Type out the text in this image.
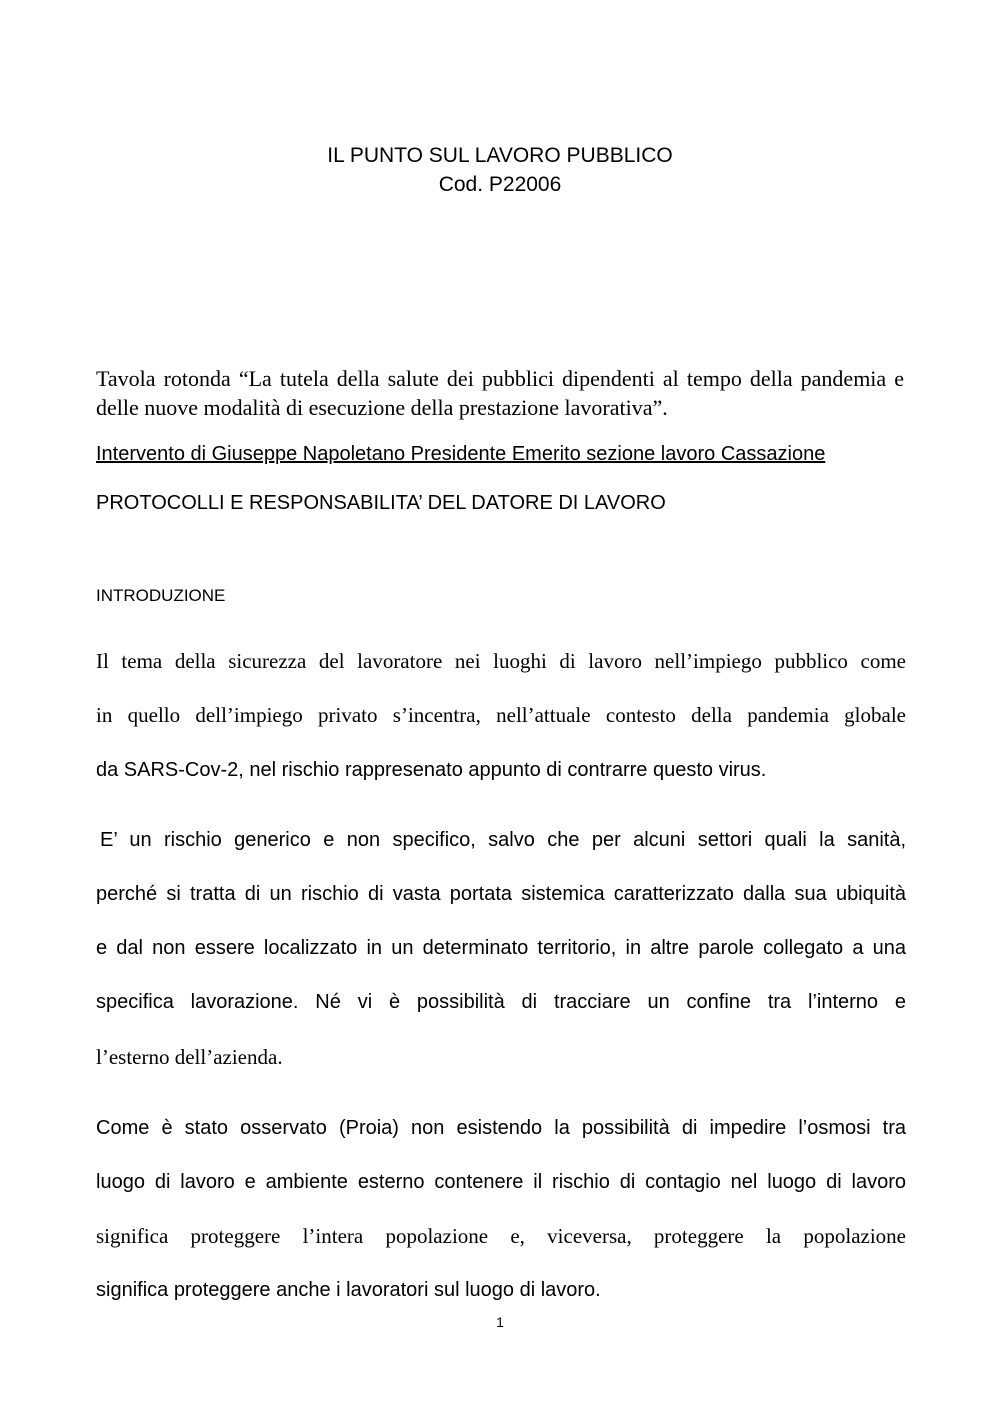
IL PUNTO SUL LAVORO PUBBLICO
Cod. P22006
Tavola rotonda “La tutela della salute dei pubblici dipendenti al tempo della pandemia e delle nuove modalità di esecuzione della prestazione lavorativa”.
Intervento di Giuseppe Napoletano Presidente Emerito sezione lavoro Cassazione
PROTOCOLLI E RESPONSABILITA’ DEL DATORE DI LAVORO
INTRODUZIONE
Il tema della sicurezza del lavoratore nei luoghi di lavoro nell’impiego pubblico come
in quello dell’impiego privato s’incentra, nell’attuale contesto della pandemia globale
da SARS-Cov-2, nel rischio rappresenato appunto di contrarre questo virus.
E’ un rischio generico e non specifico, salvo che per alcuni settori quali la sanità,
perché si tratta di un rischio di vasta portata sistemica caratterizzato dalla sua ubiquità
e dal non essere localizzato in un determinato territorio, in altre parole collegato a una
specifica lavorazione. Né vi è possibilità di tracciare un confine tra l’interno e
l’esterno dell’azienda.
Come è stato osservato (Proia) non esistendo la possibilità di impedire l’osmosi tra
luogo di lavoro e ambiente esterno contenere il rischio di contagio nel luogo di lavoro
significa proteggere l’intera popolazione e, viceversa, proteggere la popolazione
significa proteggere anche i lavoratori sul luogo di lavoro.
1
